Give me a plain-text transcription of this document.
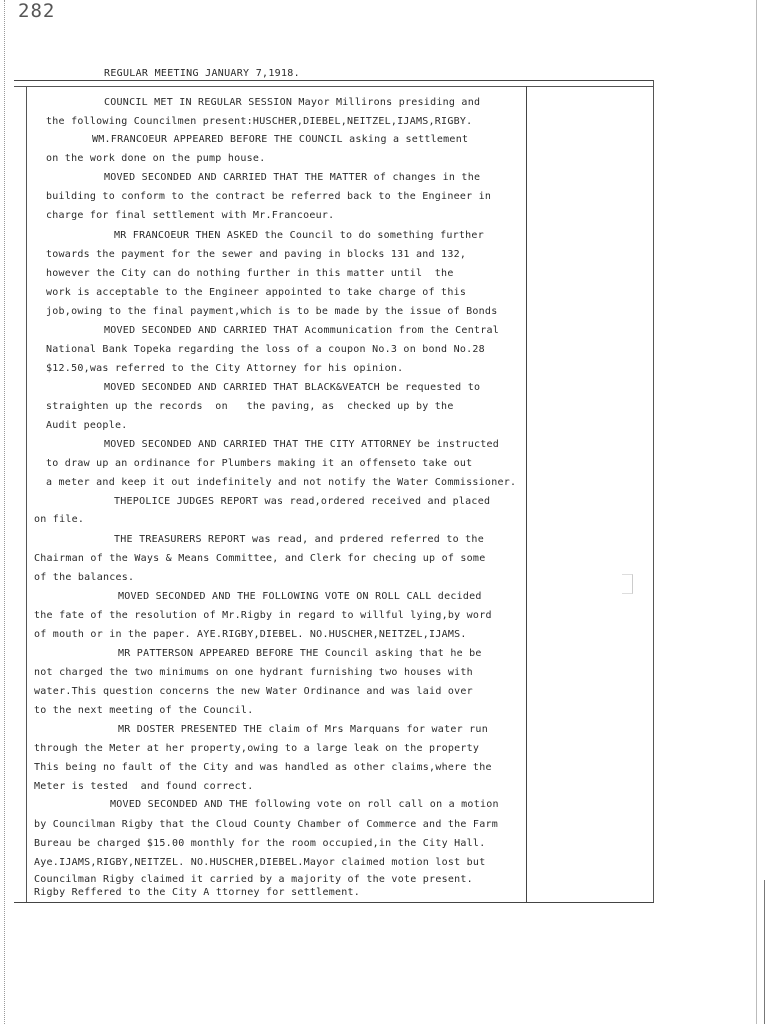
282
REGULAR MEETING JANUARY 7,1918.
COUNCIL MET IN REGULAR SESSION Mayor Millirons presiding and
the following Councilmen present:HUSCHER,DIEBEL,NEITZEL,IJAMS,RIGBY.
WM.FRANCOEUR APPEARED BEFORE THE COUNCIL asking a settlement
on the work done on the pump house.
MOVED SECONDED AND CARRIED THAT THE MATTER of changes in the
building to conform to the contract be referred back to the Engineer in
charge for final settlement with Mr.Francoeur.
MR FRANCOEUR THEN ASKED the Council to do something further
towards the payment for the sewer and paving in blocks 131 and 132,
however the City can do nothing further in this matter until  the
work is acceptable to the Engineer appointed to take charge of this
job,owing to the final payment,which is to be made by the issue of Bonds
MOVED SECONDED AND CARRIED THAT Acommunication from the Central
National Bank Topeka regarding the loss of a coupon No.3 on bond No.28
$12.50,was referred to the City Attorney for his opinion.
MOVED SECONDED AND CARRIED THAT BLACK&VEATCH be requested to
straighten up the records  on   the paving, as  checked up by the
Audit people.
MOVED SECONDED AND CARRIED THAT THE CITY ATTORNEY be instructed
to draw up an ordinance for Plumbers making it an offenseto take out
a meter and keep it out indefinitely and not notify the Water Commissioner.
THEPOLICE JUDGES REPORT was read,ordered received and placed
on file.
THE TREASURERS REPORT was read, and prdered referred to the
Chairman of the Ways & Means Committee, and Clerk for checing up of some
of the balances.
MOVED SECONDED AND THE FOLLOWING VOTE ON ROLL CALL decided
the fate of the resolution of Mr.Rigby in regard to willful lying,by word
of mouth or in the paper. AYE.RIGBY,DIEBEL. NO.HUSCHER,NEITZEL,IJAMS.
MR PATTERSON APPEARED BEFORE THE Council asking that he be
not charged the two minimums on one hydrant furnishing two houses with
water.This question concerns the new Water Ordinance and was laid over
to the next meeting of the Council.
MR DOSTER PRESENTED THE claim of Mrs Marquans for water run
through the Meter at her property,owing to a large leak on the property
This being no fault of the City and was handled as other claims,where the
Meter is tested  and found correct.
MOVED SECONDED AND THE following vote on roll call on a motion
by Councilman Rigby that the Cloud County Chamber of Commerce and the Farm
Bureau be charged $15.00 monthly for the room occupied,in the City Hall.
Aye.IJAMS,RIGBY,NEITZEL. NO.HUSCHER,DIEBEL.Mayor claimed motion lost but
Councilman Rigby claimed it carried by a majority of the vote present.
Rigby Reffered to the City A ttorney for settlement.
